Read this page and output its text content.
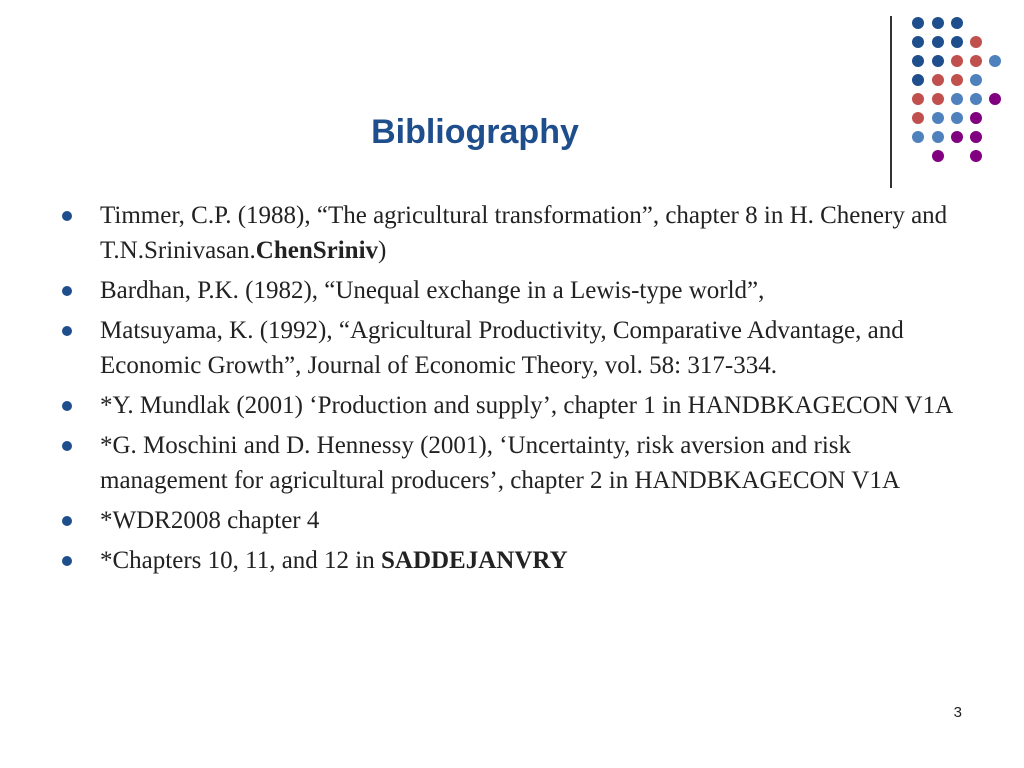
Bibliography
Timmer, C.P. (1988), “The agricultural transformation”, chapter 8 in H. Chenery and T.N.Srinivasan.ChenSriniv)
Bardhan, P.K. (1982), “Unequal exchange in a Lewis-type world”,
Matsuyama, K. (1992), “Agricultural Productivity, Comparative Advantage, and Economic Growth”, Journal of Economic Theory, vol. 58: 317-334.
*Y. Mundlak (2001) ‘Production and supply’, chapter 1 in HANDBKAGECON V1A
*G. Moschini and D. Hennessy (2001), ‘Uncertainty, risk aversion and risk management for agricultural producers’, chapter 2 in HANDBKAGECON V1A
*WDR2008 chapter 4
*Chapters 10, 11, and 12 in SADDEJANVRY
3
